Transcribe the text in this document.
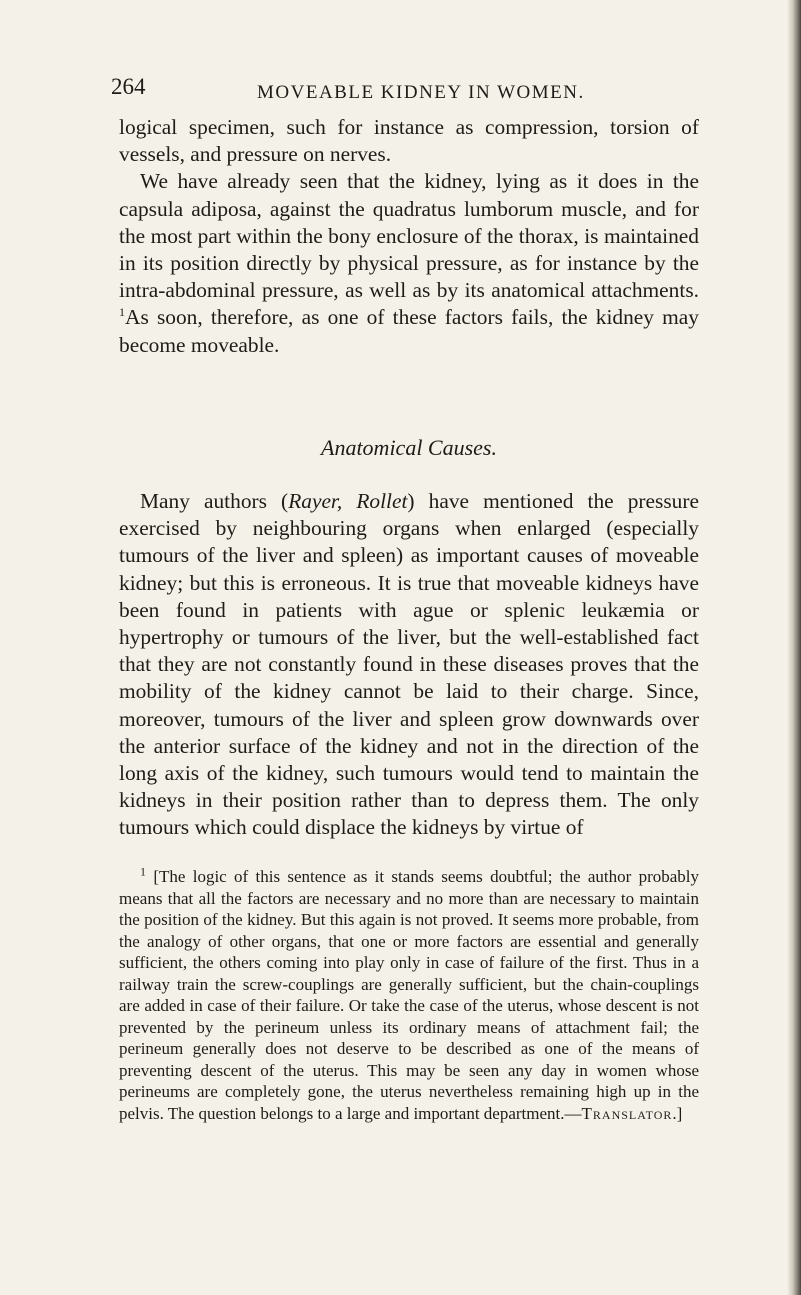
264	MOVEABLE KIDNEY IN WOMEN.

logical specimen, such for instance as compression, torsion of vessels, and pressure on nerves.

We have already seen that the kidney, lying as it does in the capsula adiposa, against the quadratus lumborum muscle, and for the most part within the bony enclosure of the thorax, is maintained in its position directly by physical pressure, as for instance by the intra-abdominal pressure, as well as by its anatomical attachments. $^1$As soon, therefore, as one of these factors fails, the kidney may become moveable.

Anatomical Causes.

Many authors (Rayer, Rollet) have mentioned the pressure exercised by neighbouring organs when enlarged (especially tumours of the liver and spleen) as important causes of moveable kidney; but this is erroneous. It is true that moveable kidneys have been found in patients with ague or splenic leukæmia or hypertrophy or tumours of the liver, but the well-established fact that they are not constantly found in these diseases proves that the mobility of the kidney cannot be laid to their charge. Since, moreover, tumours of the liver and spleen grow downwards over the anterior surface of the kidney and not in the direction of the long axis of the kidney, such tumours would tend to maintain the kidneys in their position rather than to depress them. The only tumours which could displace the kidneys by virtue of

$^1$ [The logic of this sentence as it stands seems doubtful; the author probably means that all the factors are necessary and no more than are necessary to maintain the position of the kidney. But this again is not proved. It seems more probable, from the analogy of other organs, that one or more factors are essential and generally sufficient, the others coming into play only in case of failure of the first. Thus in a railway train the screw-couplings are generally sufficient, but the chain-couplings are added in case of their failure. Or take the case of the uterus, whose descent is not prevented by the perineum unless its ordinary means of attachment fail; the perineum generally does not deserve to be described as one of the means of preventing descent of the uterus. This may be seen any day in women whose perineums are completely gone, the uterus nevertheless remaining high up in the pelvis. The question belongs to a large and important department.—Translator.]
